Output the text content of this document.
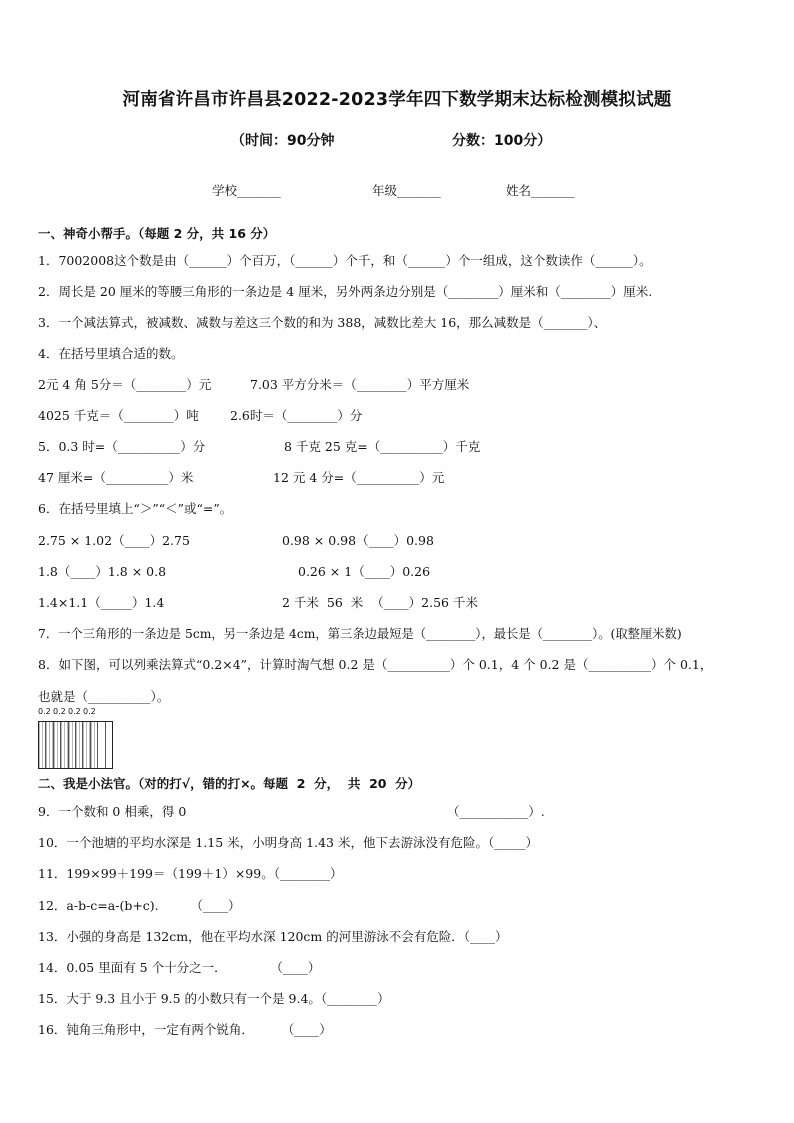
河南省许昌市许昌县2022-2023学年四下数学期末达标检测模拟试题
（时间：90分钟	分数：100分）
学校_______	年级_______	姓名_______
一、神奇小帮手。（每题 2 分，共 16 分）
1．7002008这个数是由（______）个百万，（______）个千，和（______）个一组成，这个数读作（______）。
2．周长是 20 厘米的等腰三角形的一条边是 4 厘米，另外两条边分别是（________）厘米和（________）厘米.
3．一个减法算式，被减数、减数与差这三个数的和为 388，减数比差大 16，那么减数是（_______）、
4．在括号里填合适的数。
2元 4 角 5分＝（________）元	7.03 平方分米＝（________）平方厘米
4025 千克＝（________）吨 2.6时＝（________）分
5．0.3 时=（__________）分	8 千克 25 克=（__________）千克
47 厘米=（__________）米	12 元 4 分=（__________）元
6．在括号里填上“＞”“＜”或“=”。
2.75 × 1.02（____）2.75	0.98 × 0.98（____）0.98
1.8（____）1.8 × 0.8	0.26 × 1（____）0.26
1.4×1.1（_____）1.4	2 千米  56  米  （____）2.56 千米
7．一个三角形的一条边是 5cm，另一条边是 4cm，第三条边最短是（________），最长是（________）。(取整厘米数)
8．如下图，可以列乘法算式“0.2×4”，计算时淘气想 0.2 是（__________）个 0.1，4 个 0.2 是（__________）个 0.1，
也就是（__________）。
0.2 0.2 0.2 0.2
二、我是小法官。（对的打√，错的打×。每题  2  分，  共  20  分）
9．一个数和 0 相乘，得 0	（___________）.
10．一个池塘的平均水深是 1.15 米，小明身高 1.43 米，他下去游泳没有危险。（_____）
11．199×99＋199＝（199＋1）×99。（________）
12．a-b-c=a-(b+c).        （____）
13．小强的身高是 132cm，他在平均水深 120cm 的河里游泳不会有危险．（____）
14．0.05 里面有 5 个十分之一．           （____）
15．大于 9.3 且小于 9.5 的小数只有一个是 9.4。（________）
16．钝角三角形中，一定有两个锐角．       （____）
